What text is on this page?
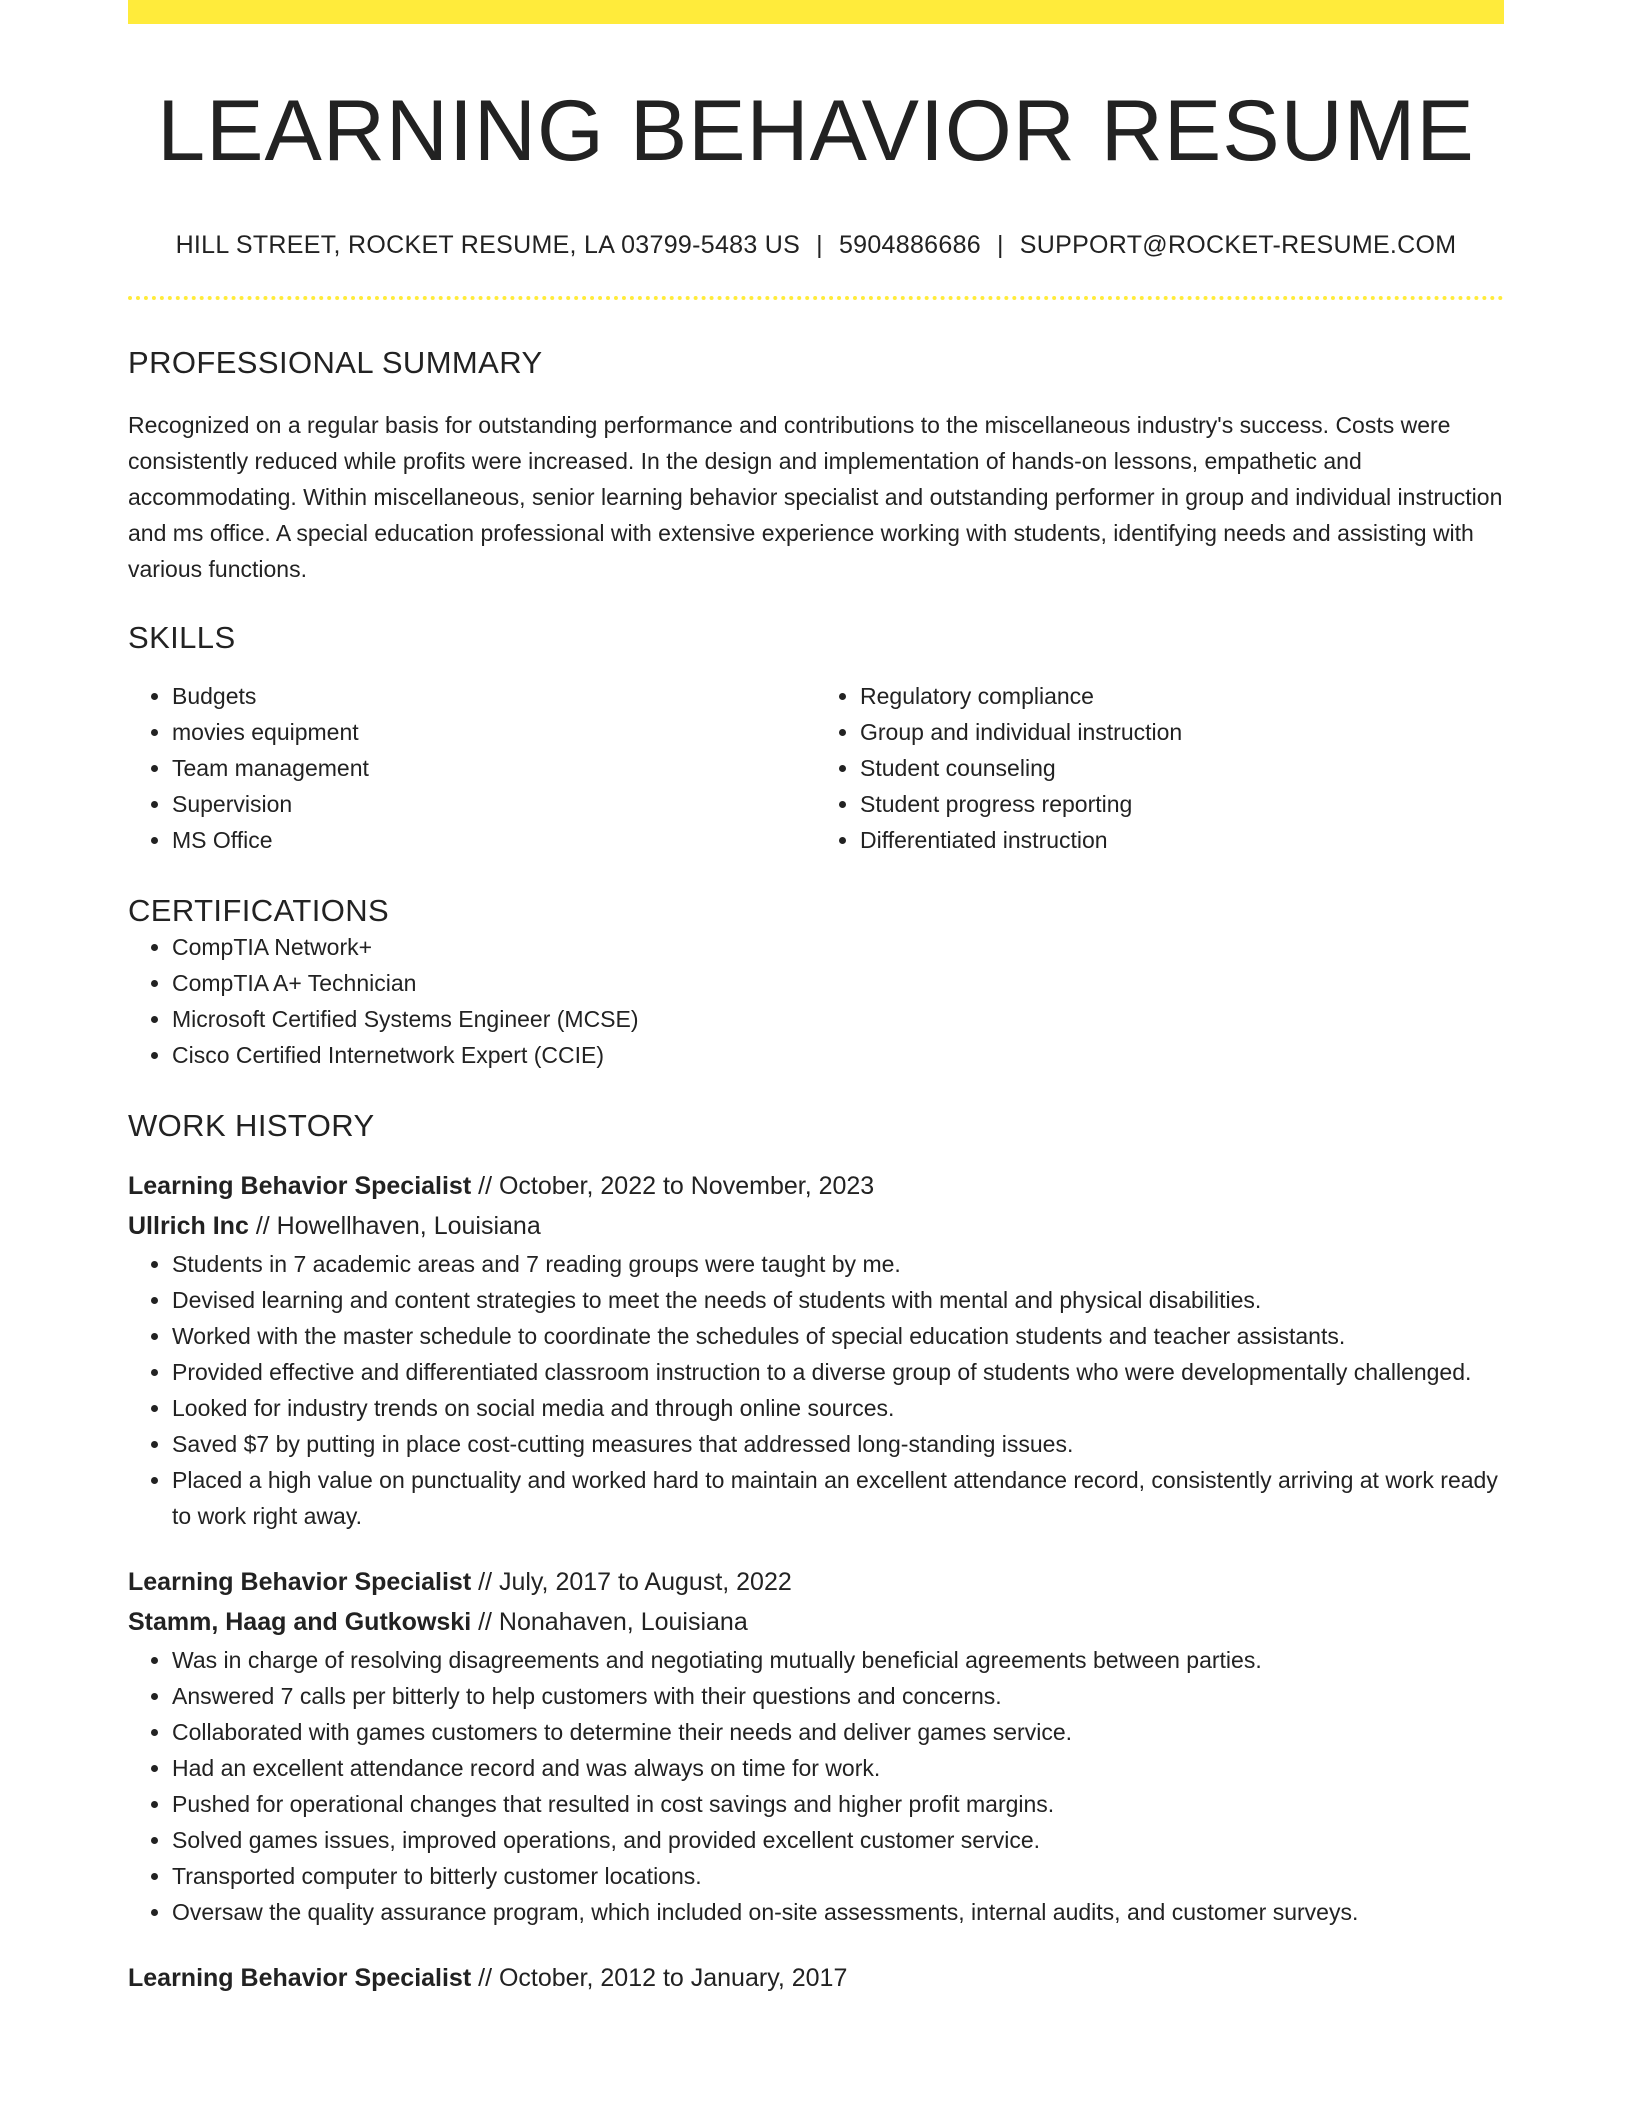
LEARNING BEHAVIOR RESUME
HILL STREET, ROCKET RESUME, LA 03799-5483 US | 5904886686 | SUPPORT@ROCKET-RESUME.COM
PROFESSIONAL SUMMARY

Recognized on a regular basis for outstanding performance and contributions to the miscellaneous industry's success. Costs were consistently reduced while profits were increased. In the design and implementation of hands-on lessons, empathetic and accommodating. Within miscellaneous, senior learning behavior specialist and outstanding performer in group and individual instruction and ms office. A special education professional with extensive experience working with students, identifying needs and assisting with various functions.

SKILLS
• Budgets
• movies equipment
• Team management
• Supervision
• MS Office
• Regulatory compliance
• Group and individual instruction
• Student counseling
• Student progress reporting
• Differentiated instruction
CERTIFICATIONS
• CompTIA Network+
• CompTIA A+ Technician
• Microsoft Certified Systems Engineer (MCSE)
• Cisco Certified Internetwork Expert (CCIE)
WORK HISTORY
Learning Behavior Specialist // October, 2022 to November, 2023
Ullrich Inc // Howellhaven, Louisiana
• Students in 7 academic areas and 7 reading groups were taught by me.
• Devised learning and content strategies to meet the needs of students with mental and physical disabilities.
• Worked with the master schedule to coordinate the schedules of special education students and teacher assistants.
• Provided effective and differentiated classroom instruction to a diverse group of students who were developmentally challenged.
• Looked for industry trends on social media and through online sources.
• Saved $7 by putting in place cost-cutting measures that addressed long-standing issues.
• Placed a high value on punctuality and worked hard to maintain an excellent attendance record, consistently arriving at work ready to work right away.
Learning Behavior Specialist // July, 2017 to August, 2022
Stamm, Haag and Gutkowski // Nonahaven, Louisiana
• Was in charge of resolving disagreements and negotiating mutually beneficial agreements between parties.
• Answered 7 calls per bitterly to help customers with their questions and concerns.
• Collaborated with games customers to determine their needs and deliver games service.
• Had an excellent attendance record and was always on time for work.
• Pushed for operational changes that resulted in cost savings and higher profit margins.
• Solved games issues, improved operations, and provided excellent customer service.
• Transported computer to bitterly customer locations.
• Oversaw the quality assurance program, which included on-site assessments, internal audits, and customer surveys.
Learning Behavior Specialist // October, 2012 to January, 2017
